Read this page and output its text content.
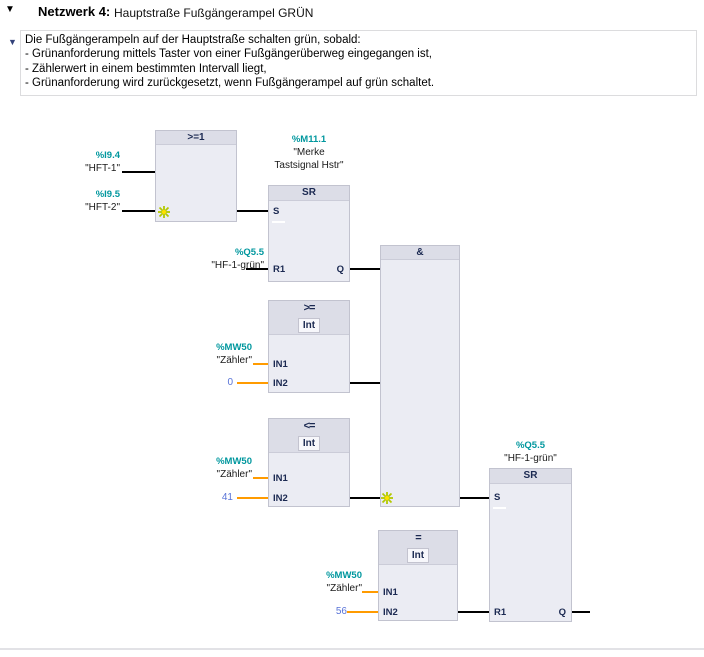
▼ Netzwerk 4: Hauptstraße Fußgängerampel GRÜN
▼ Die Fußgängerampeln auf der Hauptstraße schalten grün, sobald:
- Grünanforderung mittels Taster von einer Fußgängerüberweg eingegangen ist,
- Zählerwert in einem bestimmten Intervall liegt,
- Grünanforderung wird zurückgesetzt, wenn Fußgängerampel auf grün schaltet.
>=1	%M11.1
"Merke
Tastsignal Hstr"
SR
S
R1	Q
&
>=
Int
IN1
IN2
<=
Int
IN1
IN2
=
Int
IN1
IN2
%Q5.5
"HF-1-grün"
SR
S
R1	Q
%I9.4
"HFT-1"
%I9.5
"HFT-2"
%Q5.5
"HF-1-grün"
%MW50
"Zähler"
0
%MW50
"Zähler"
41
%MW50
"Zähler"
56
